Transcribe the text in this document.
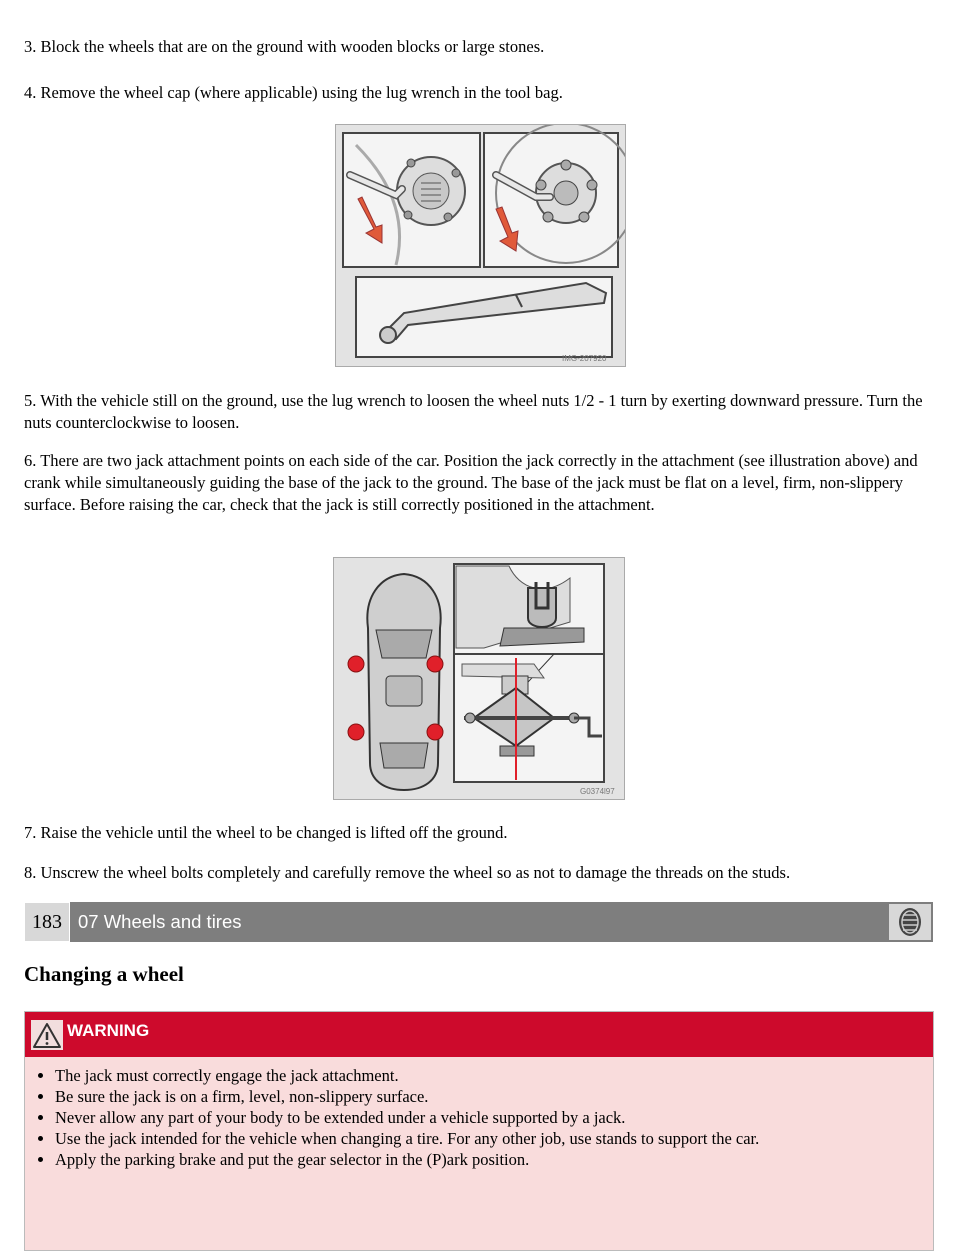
3. Block the wheels that are on the ground with wooden blocks or large stones.

4. Remove the wheel cap (where applicable) using the lug wrench in the tool bag.

IMG-207920

5. With the vehicle still on the ground, use the lug wrench to loosen the wheel nuts 1/2 - 1 turn by exerting downward pressure. Turn the nuts counterclockwise to loosen.

6. There are two jack attachment points on each side of the car. Position the jack correctly in the attachment (see illustration above) and crank while simultaneously guiding the base of the jack to the ground. The base of the jack must be flat on a level, firm, non-slippery surface. Before raising the car, check that the jack is still correctly positioned in the attachment.

G0374l97

7. Raise the vehicle until the wheel to be changed is lifted off the ground.

8. Unscrew the wheel bolts completely and carefully remove the wheel so as not to damage the threads on the studs.

183 07 Wheels and tires
Changing a wheel
WARNING
• The jack must correctly engage the jack attachment.
• Be sure the jack is on a firm, level, non-slippery surface.
• Never allow any part of your body to be extended under a vehicle supported by a jack.
• Use the jack intended for the vehicle when changing a tire. For any other job, use stands to support the car.
• Apply the parking brake and put the gear selector in the (P)ark position.
